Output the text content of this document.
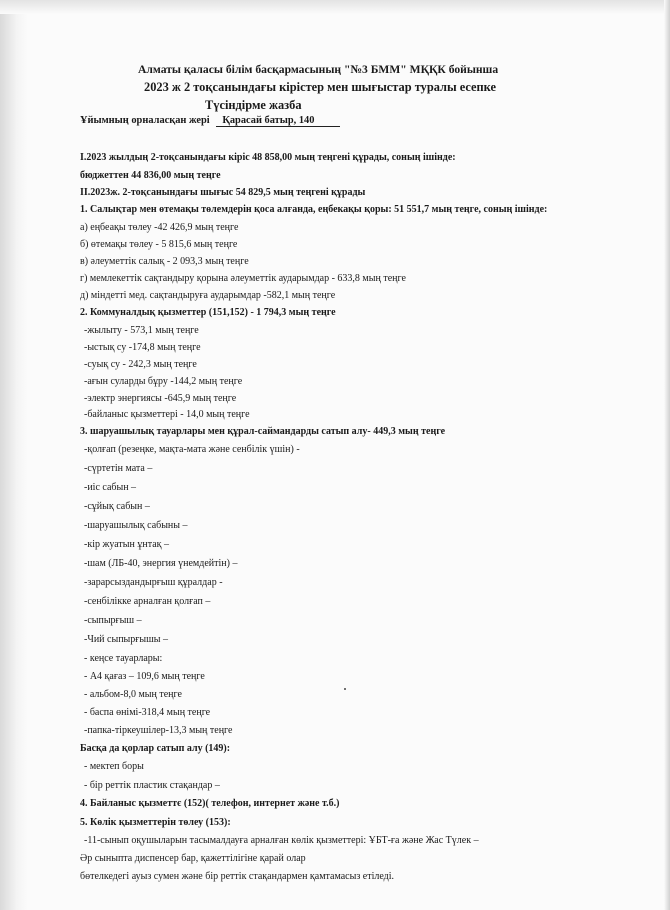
Алматы қаласы білім басқармасының "№3 БММ" МҚҚК бойынша
2023 ж 2 тоқсанындағы кірістер мен шығыстар туралы есепке
Түсіндірме жазба
Ұйымның орналасқан жері Қарасай батыр, 140
I.2023 жылдың 2-тоқсанындағы кіріс 48 858,00 мың теңгені құрады, соның ішінде:
бюджеттен 44 836,00 мың теңге
II.2023ж. 2-тоқсанындағы шығыс 54 829,5 мың теңгені құрады
1. Салықтар мен өтемақы төлемдерін қоса алғанда, еңбекақы қоры: 51 551,7 мың теңге, соның ішінде:
а) еңбеақы төлеу -42 426,9 мың теңге
б) өтемақы төлеу - 5 815,6 мың теңге
в) әлеуметтік салық - 2 093,3 мың теңге
г) мемлекеттік сақтандыру қорына әлеуметтік аударымдар - 633,8 мың теңге
д) міндетті мед. сақтандыруға аударымдар -582,1 мың теңге
2. Коммуналдық қызметтер (151,152) - 1 794,3 мың теңге
-жылыту - 573,1 мың теңге
-ыстық су -174,8 мың теңге
-суық су - 242,3 мың теңге
-ағын суларды бұру -144,2 мың теңге
-электр энергиясы -645,9 мың теңге
-байланыс қызметтері - 14,0 мың теңге
3. шаруашылық тауарлары мен құрал-саймандарды сатып алу- 449,3 мың теңге
-қолғап (резеңке, мақта-мата және сенбілік үшін) -
-сүртетін мата –
-иіс сабын –
-сұйық сабын –
-шаруашылық сабыны –
-кір жуатын ұнтақ –
-шам (ЛБ-40, энергия үнемдейтін) –
-зарарсыздандырғыш құралдар -
-сенбілікке арналған қолғап –
-сыпырғыш –
-Чий сыпырғышы –
- кеңсе тауарлары:
- А4 қағаз – 109,6 мың теңге
- альбом-8,0 мың теңге
- баспа өнімі-318,4 мың теңге
-папка-тіркеушілер-13,3 мың теңге
Басқа да қорлар сатып алу (149):
- мектеп боры
- бір реттік пластик стақандар –
4. Байланыс қызметтє (152)( телефон, интернет және т.б.)
5. Көлік қызметтерін төлеу (153):
-11-сынып оқушыларын тасымалдауға арналған көлік қызметтері: ҰБТ-ға және Жас Түлек –
Әр сыныпта диспенсер бар, қажеттілігіне қарай олар
бөтелкедегі ауыз сумен және бір реттік стақандармен қамтамасыз етіледі.
